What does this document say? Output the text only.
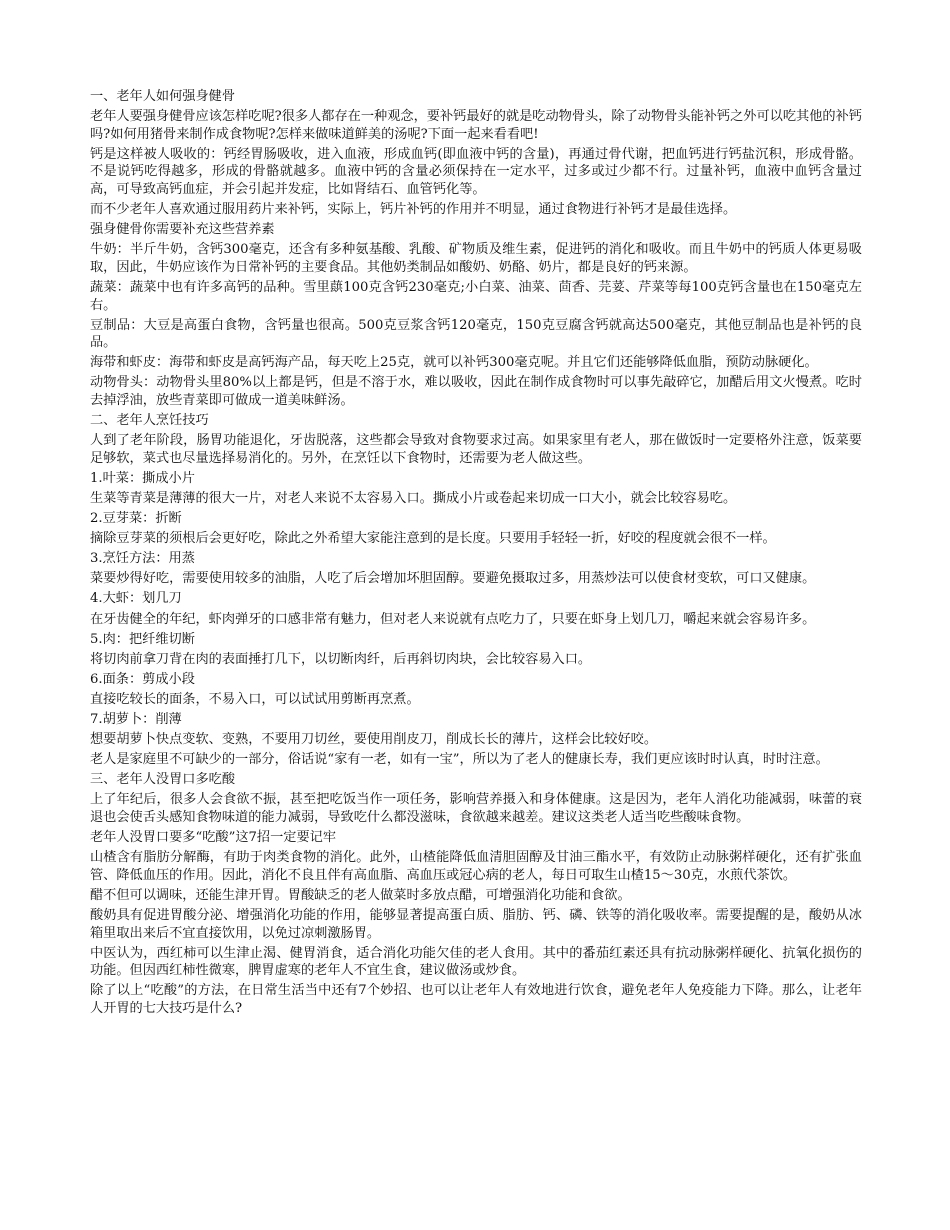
一、老年人如何强身健骨

老年人要强身健骨应该怎样吃呢?很多人都存在一种观念，要补钙最好的就是吃动物骨头，除了动物骨头能补钙之外可以吃其他的补钙吗?如何用猪骨来制作成食物呢?怎样来做味道鲜美的汤呢?下面一起来看看吧!

钙是这样被人吸收的：钙经胃肠吸收，进入血液，形成血钙(即血液中钙的含量)，再通过骨代谢，把血钙进行钙盐沉积，形成骨骼。不是说钙吃得越多，形成的骨骼就越多。血液中钙的含量必须保持在一定水平，过多或过少都不行。过量补钙，血液中血钙含量过高，可导致高钙血症，并会引起并发症，比如肾结石、血管钙化等。

而不少老年人喜欢通过服用药片来补钙，实际上，钙片补钙的作用并不明显，通过食物进行补钙才是最佳选择。

强身健骨你需要补充这些营养素

牛奶：半斤牛奶，含钙300毫克，还含有多种氨基酸、乳酸、矿物质及维生素，促进钙的消化和吸收。而且牛奶中的钙质人体更易吸取，因此，牛奶应该作为日常补钙的主要食品。其他奶类制品如酸奶、奶酪、奶片，都是良好的钙来源。

蔬菜：蔬菜中也有许多高钙的品种。雪里蕻100克含钙230毫克;小白菜、油菜、茴香、芫荽、芹菜等每100克钙含量也在150毫克左右。

豆制品：大豆是高蛋白食物，含钙量也很高。500克豆浆含钙120毫克，150克豆腐含钙就高达500毫克，其他豆制品也是补钙的良品。

海带和虾皮：海带和虾皮是高钙海产品，每天吃上25克，就可以补钙300毫克呢。并且它们还能够降低血脂，预防动脉硬化。

动物骨头：动物骨头里80%以上都是钙，但是不溶于水，难以吸收，因此在制作成食物时可以事先敲碎它，加醋后用文火慢煮。吃时去掉浮油，放些青菜即可做成一道美味鲜汤。

二、老年人烹饪技巧

人到了老年阶段，肠胃功能退化，牙齿脱落，这些都会导致对食物要求过高。如果家里有老人，那在做饭时一定要格外注意，饭菜要足够软，菜式也尽量选择易消化的。另外，在烹饪以下食物时，还需要为老人做这些。

1.叶菜：撕成小片

生菜等青菜是薄薄的很大一片，对老人来说不太容易入口。撕成小片或卷起来切成一口大小，就会比较容易吃。

2.豆芽菜：折断

摘除豆芽菜的须根后会更好吃，除此之外希望大家能注意到的是长度。只要用手轻轻一折，好咬的程度就会很不一样。

3.烹饪方法：用蒸

菜要炒得好吃，需要使用较多的油脂，人吃了后会增加坏胆固醇。要避免摄取过多，用蒸炒法可以使食材变软，可口又健康。

4.大虾：划几刀

在牙齿健全的年纪，虾肉弹牙的口感非常有魅力，但对老人来说就有点吃力了，只要在虾身上划几刀，嚼起来就会容易许多。

5.肉：把纤维切断

将切肉前拿刀背在肉的表面捶打几下，以切断肉纤，后再斜切肉块，会比较容易入口。

6.面条：剪成小段

直接吃较长的面条，不易入口，可以试试用剪断再烹煮。

7.胡萝卜：削薄

想要胡萝卜快点变软、变熟，不要用刀切丝，要使用削皮刀，削成长长的薄片，这样会比较好咬。

老人是家庭里不可缺少的一部分，俗话说“家有一老，如有一宝”，所以为了老人的健康长寿，我们更应该时时认真，时时注意。

三、老年人没胃口多吃酸

上了年纪后，很多人会食欲不振，甚至把吃饭当作一项任务，影响营养摄入和身体健康。这是因为，老年人消化功能减弱，味蕾的衰退也会使舌头感知食物味道的能力减弱，导致吃什么都没滋味，食欲越来越差。建议这类老人适当吃些酸味食物。

老年人没胃口要多“吃酸”这7招一定要记牢

山楂含有脂肪分解酶，有助于肉类食物的消化。此外，山楂能降低血清胆固醇及甘油三酯水平，有效防止动脉粥样硬化，还有扩张血管、降低血压的作用。因此，消化不良且伴有高血脂、高血压或冠心病的老人，每日可取生山楂15～30克，水煎代茶饮。

醋不但可以调味，还能生津开胃。胃酸缺乏的老人做菜时多放点醋，可增强消化功能和食欲。

酸奶具有促进胃酸分泌、增强消化功能的作用，能够显著提高蛋白质、脂肪、钙、磷、铁等的消化吸收率。需要提醒的是，酸奶从冰箱里取出来后不宜直接饮用，以免过凉刺激肠胃。

中医认为，西红柿可以生津止渴、健胃消食，适合消化功能欠佳的老人食用。其中的番茄红素还具有抗动脉粥样硬化、抗氧化损伤的功能。但因西红柿性微寒，脾胃虚寒的老年人不宜生食，建议做汤或炒食。

除了以上“吃酸”的方法，在日常生活当中还有7个妙招、也可以让老年人有效地进行饮食，避免老年人免疫能力下降。那么，让老年人开胃的七大技巧是什么?
